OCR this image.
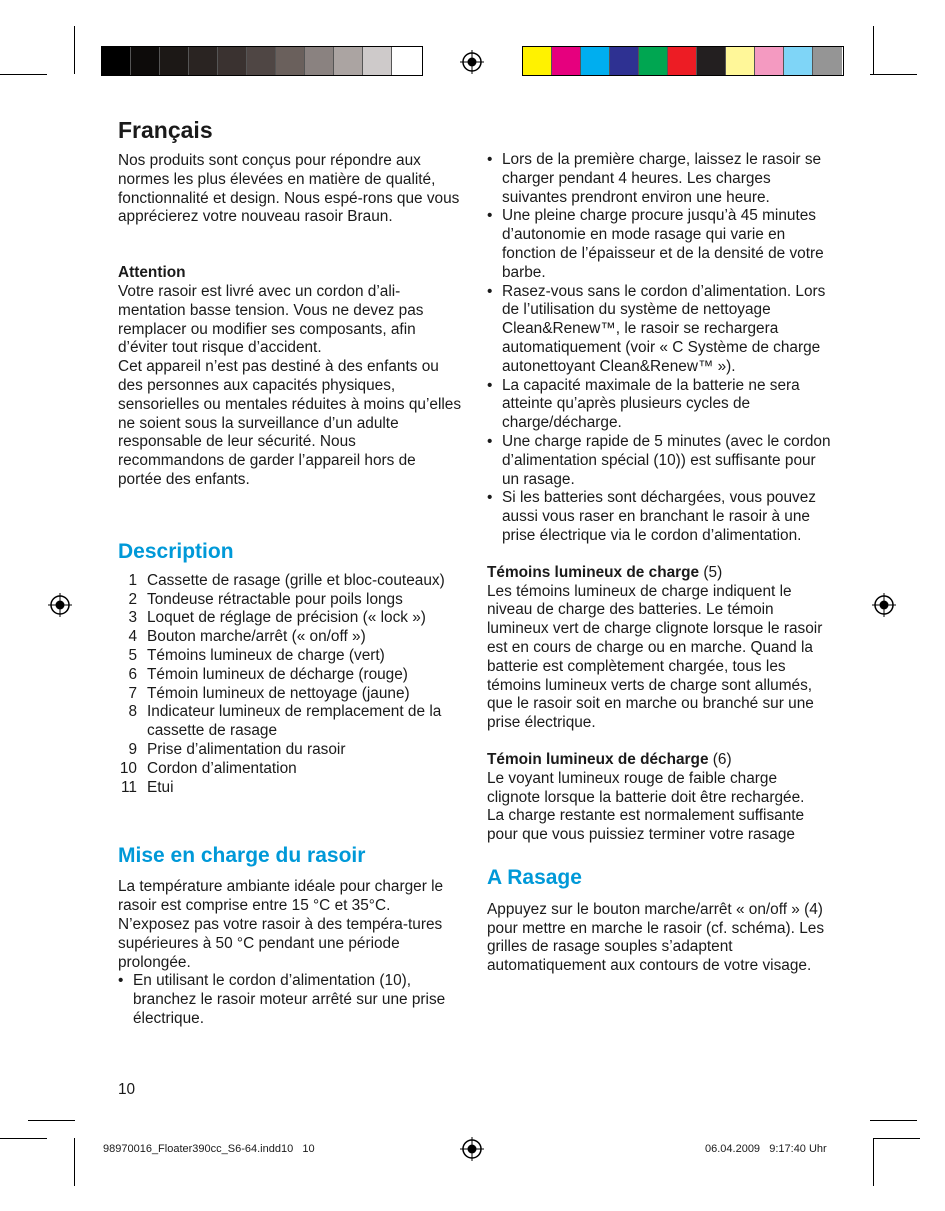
Français

Nos produits sont conçus pour répondre aux normes les plus élevées en matière de qualité, fonctionnalité et design. Nous espé-rons que vous apprécierez votre nouveau rasoir Braun.

Attention

Votre rasoir est livré avec un cordon d’ali-mentation basse tension. Vous ne devez pas remplacer ou modifier ses composants, afin d’éviter tout risque d’accident.

Cet appareil n’est pas destiné à des enfants ou des personnes aux capacités physiques, sensorielles ou mentales réduites à moins qu’elles ne soient sous la surveillance d’un adulte responsable de leur sécurité. Nous recommandons de garder l’appareil hors de portée des enfants.

Description
1 Cassette de rasage (grille et bloc-couteaux)
2 Tondeuse rétractable pour poils longs
3 Loquet de réglage de précision (« lock »)
4 Bouton marche/arrêt (« on/off »)
5 Témoins lumineux de charge (vert)
6 Témoin lumineux de décharge (rouge)
7 Témoin lumineux de nettoyage (jaune)
8 Indicateur lumineux de remplacement de la cassette de rasage
9 Prise d’alimentation du rasoir
10 Cordon d’alimentation
11 Etui
Mise en charge du rasoir

La température ambiante idéale pour charger le rasoir est comprise entre 15 °C et 35°C. N’exposez pas votre rasoir à des tempéra-tures supérieures à 50 °C pendant une période prolongée.

• En utilisant le cordon d’alimentation (10), branchez le rasoir moteur arrêté sur une prise électrique.
10
• Lors de la première charge, laissez le rasoir se charger pendant 4 heures. Les charges suivantes prendront environ une heure.
• Une pleine charge procure jusqu’à 45 minutes d’autonomie en mode rasage qui varie en fonction de l’épaisseur et de la densité de votre barbe.
• Rasez-vous sans le cordon d’alimentation. Lors de l’utilisation du système de nettoyage Clean&Renew™, le rasoir se rechargera automatiquement (voir « C Système de charge autonettoyant Clean&Renew™ »).
• La capacité maximale de la batterie ne sera atteinte qu’après plusieurs cycles de charge/décharge.
• Une charge rapide de 5 minutes (avec le cordon d’alimentation spécial (10)) est suffisante pour un rasage.
• Si les batteries sont déchargées, vous pouvez aussi vous raser en branchant le rasoir à une prise électrique via le cordon d’alimentation.

Témoins lumineux de charge (5)

Les témoins lumineux de charge indiquent le niveau de charge des batteries. Le témoin lumineux vert de charge clignote lorsque le rasoir est en cours de charge ou en marche. Quand la batterie est complètement chargée, tous les témoins lumineux verts de charge sont allumés, que le rasoir soit en marche ou branché sur une prise électrique.

Témoin lumineux de décharge (6)

Le voyant lumineux rouge de faible charge clignote lorsque la batterie doit être rechargée.

La charge restante est normalement suffisante pour que vous puissiez terminer votre rasage

A Rasage

Appuyez sur le bouton marche/arrêt « on/off » (4) pour mettre en marche le rasoir (cf. schéma). Les grilles de rasage souples s’adaptent automatiquement aux contours de votre visage.

98970016_Floater390cc_S6-64.indd10   10	06.04.2009   9:17:40 Uhr
